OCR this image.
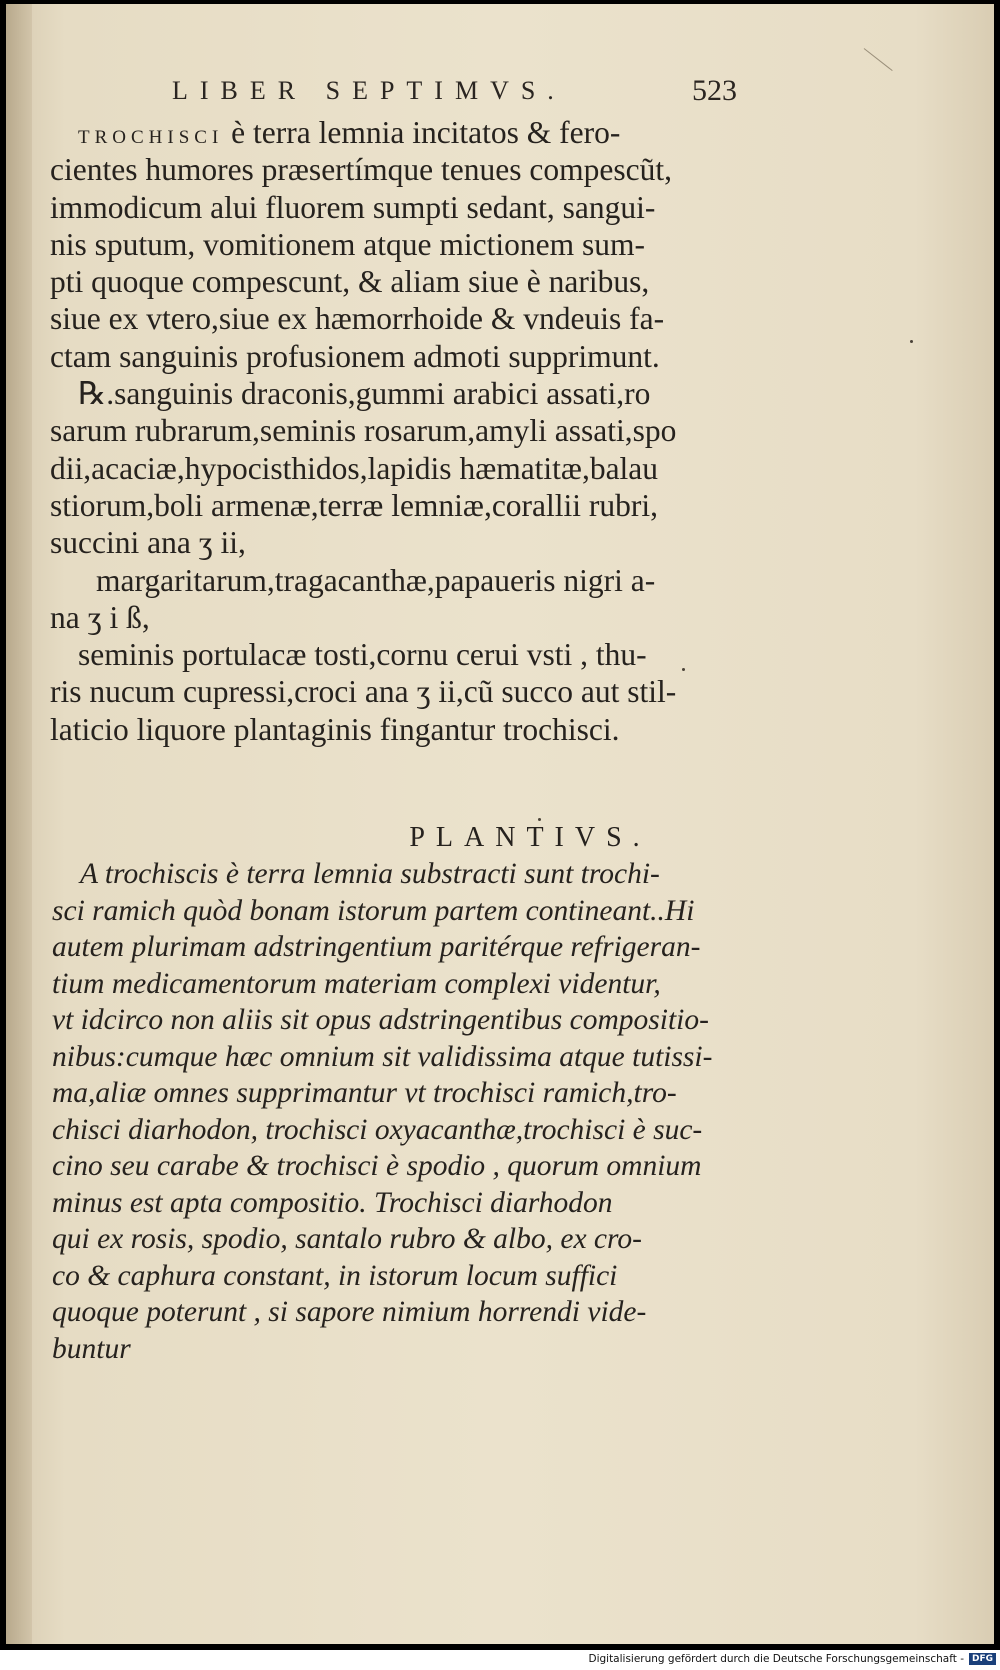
LIBER SEPTIMVS.	523
TROCHISCI è terra lemnia incitatos & fero-
cientes humores præsertímque tenues compescũt,
immodicum alui fluorem sumpti sedant, sangui-
nis sputum, vomitionem atque mictionem sum-
pti quoque compescunt, & aliam siue è naribus,
siue ex vtero,siue ex hæmorrhoide & vndeuis fa-
ctam sanguinis profusionem admoti supprimunt.
℞.sanguinis draconis,gummi arabici assati,ro
sarum rubrarum,seminis rosarum,amyli assati,spo
dii,acaciæ,hypocisthidos,lapidis hæmatitæ,balau
stiorum,boli armenæ,terræ lemniæ,corallii rubri,
succini ana ʒ ii,
margaritarum,tragacanthæ,papaueris nigri a-
na ʒ i ß,
seminis portulacæ tosti,cornu cerui vsti , thu-
ris nucum cupressi,croci ana ʒ ii,cũ succo aut stil-
laticio liquore plantaginis fingantur trochisci.
PLANTIVS.
A trochiscis è terra lemnia substracti sunt trochi-
sci ramich quòd bonam istorum partem contineant..Hi
autem plurimam adstringentium paritérque refrigeran-
tium medicamentorum materiam complexi videntur,
vt idcirco non aliis sit opus adstringentibus compositio-
nibus:cumque hæc omnium sit validissima atque tutissi-
ma,aliæ omnes supprimantur vt trochisci ramich,tro-
chisci diarhodon, trochisci oxyacanthæ,trochisci è suc-
cino seu carabe & trochisci è spodio , quorum omnium
minus est apta compositio. Trochisci diarhodon
qui ex rosis, spodio, santalo rubro & albo, ex cro-
co & caphura constant, in istorum locum suffici
quoque poterunt , si sapore nimium horrendi vide-
buntur
Digitalisierung gefördert durch die Deutsche Forschungsgemeinschaft - DFG
